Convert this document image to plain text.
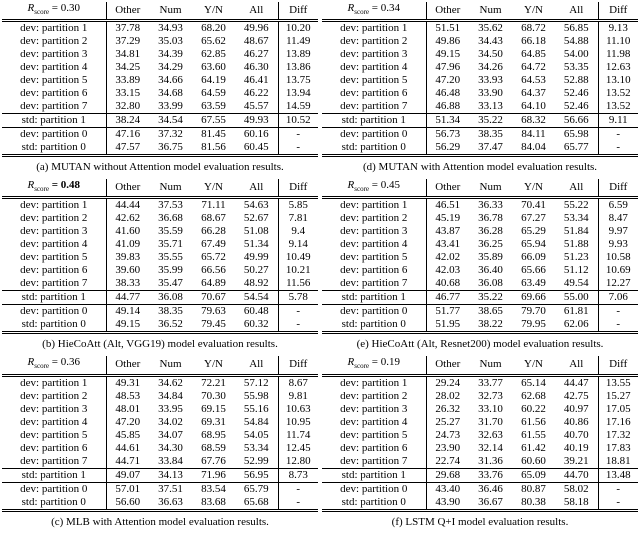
$R_{score} = 0.30$	Other	Num	Y/N	All	Diff
dev: partition 1	37.78	34.93	68.20	49.96	10.20
dev: partition 2	37.29	35.03	65.62	48.67	11.49
dev: partition 3	34.81	34.39	62.85	46.27	13.89
dev: partition 4	34.25	34.29	63.60	46.30	13.86
dev: partition 5	33.89	34.66	64.19	46.41	13.75
dev: partition 6	33.15	34.68	64.59	46.22	13.94
dev: partition 7	32.80	33.99	63.59	45.57	14.59
std: partition 1	38.24	34.54	67.55	49.93	10.52
dev: partition 0	47.16	37.32	81.45	60.16	-
std: partition 0	47.57	36.75	81.56	60.45	-
(a) MUTAN without Attention model evaluation results.
$R_{score} = 0.48$	Other	Num	Y/N	All	Diff
dev: partition 1	44.44	37.53	71.11	54.63	5.85
dev: partition 2	42.62	36.68	68.67	52.67	7.81
dev: partition 3	41.60	35.59	66.28	51.08	9.4
dev: partition 4	41.09	35.71	67.49	51.34	9.14
dev: partition 5	39.83	35.55	65.72	49.99	10.49
dev: partition 6	39.60	35.99	66.56	50.27	10.21
dev: partition 7	38.33	35.47	64.89	48.92	11.56
std: partition 1	44.77	36.08	70.67	54.54	5.78
dev: partition 0	49.14	38.35	79.63	60.48	-
std: partition 0	49.15	36.52	79.45	60.32	-
(b) HieCoAtt (Alt, VGG19) model evaluation results.
$R_{score} = 0.36$	Other	Num	Y/N	All	Diff
dev: partition 1	49.31	34.62	72.21	57.12	8.67
dev: partition 2	48.53	34.84	70.30	55.98	9.81
dev: partition 3	48.01	33.95	69.15	55.16	10.63
dev: partition 4	47.20	34.02	69.31	54.84	10.95
dev: partition 5	45.85	34.07	68.95	54.05	11.74
dev: partition 6	44.61	34.30	68.59	53.34	12.45
dev: partition 7	44.71	33.84	67.76	52.99	12.80
std: partition 1	49.07	34.13	71.96	56.95	8.73
dev: partition 0	57.01	37.51	83.54	65.79	-
std: partition 0	56.60	36.63	83.68	65.68	-
(c) MLB with Attention model evaluation results.
$R_{score} = 0.34$	Other	Num	Y/N	All	Diff
dev: partition 1	51.51	35.62	68.72	56.85	9.13
dev: partition 2	49.86	34.43	66.18	54.88	11.10
dev: partition 3	49.15	34.50	64.85	54.00	11.98
dev: partition 4	47.96	34.26	64.72	53.35	12.63
dev: partition 5	47.20	33.93	64.53	52.88	13.10
dev: partition 6	46.48	33.90	64.37	52.46	13.52
dev: partition 7	46.88	33.13	64.10	52.46	13.52
std: partition 1	51.34	35.22	68.32	56.66	9.11
dev: partition 0	56.73	38.35	84.11	65.98	-
std: partition 0	56.29	37.47	84.04	65.77	-
(d) MUTAN with Attention model evaluation results.
$R_{score} = 0.45$	Other	Num	Y/N	All	Diff
dev: partition 1	46.51	36.33	70.41	55.22	6.59
dev: partition 2	45.19	36.78	67.27	53.34	8.47
dev: partition 3	43.87	36.28	65.29	51.84	9.97
dev: partition 4	43.41	36.25	65.94	51.88	9.93
dev: partition 5	42.02	35.89	66.09	51.23	10.58
dev: partition 6	42.03	36.40	65.66	51.12	10.69
dev: partition 7	40.68	36.08	63.49	49.54	12.27
std: partition 1	46.77	35.22	69.66	55.00	7.06
dev: partition 0	51.77	38.65	79.70	61.81	-
std: partition 0	51.95	38.22	79.95	62.06	-
(e) HieCoAtt (Alt, Resnet200) model evaluation results.
$R_{score} = 0.19$	Other	Num	Y/N	All	Diff
dev: partition 1	29.24	33.77	65.14	44.47	13.55
dev: partition 2	28.02	32.73	62.68	42.75	15.27
dev: partition 3	26.32	33.10	60.22	40.97	17.05
dev: partition 4	25.27	31.70	61.56	40.86	17.16
dev: partition 5	24.73	32.63	61.55	40.70	17.32
dev: partition 6	23.90	32.14	61.42	40.19	17.83
dev: partition 7	22.74	31.36	60.60	39.21	18.81
std: partition 1	29.68	33.76	65.09	44.70	13.48
dev: partition 0	43.40	36.46	80.87	58.02	-
std: partition 0	43.90	36.67	80.38	58.18	-
(f) LSTM Q+I model evaluation results.
